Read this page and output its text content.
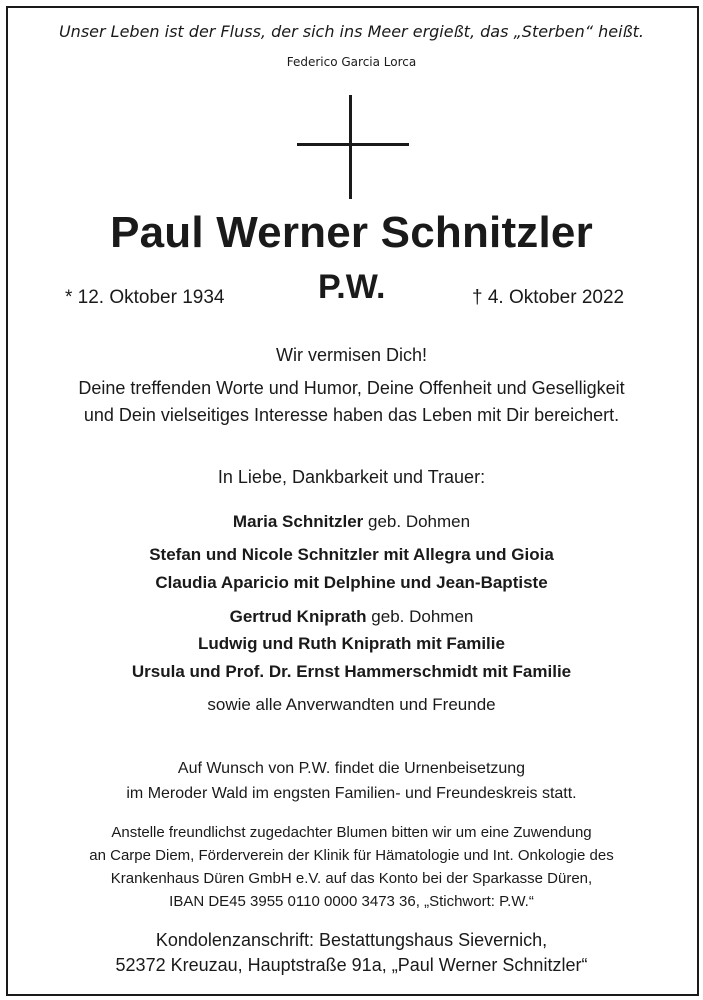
Unser Leben ist der Fluss, der sich ins Meer ergießt, das „Sterben“ heißt.
Federico Garcia Lorca
Paul Werner Schnitzler
* 12. Oktober 1934	P.W.	† 4. Oktober 2022
Wir vermisen Dich!
Deine treffenden Worte und Humor, Deine Offenheit und Geselligkeit
und Dein vielseitiges Interesse haben das Leben mit Dir bereichert.
In Liebe, Dankbarkeit und Trauer:
Maria Schnitzler geb. Dohmen
Stefan und Nicole Schnitzler mit Allegra und Gioia
Claudia Aparicio mit Delphine und Jean-Baptiste
Gertrud Kniprath geb. Dohmen
Ludwig und Ruth Kniprath mit Familie
Ursula und Prof. Dr. Ernst Hammerschmidt mit Familie
sowie alle Anverwandten und Freunde
Auf Wunsch von P.W. findet die Urnenbeisetzung
im Meroder Wald im engsten Familien- und Freundeskreis statt.
Anstelle freundlichst zugedachter Blumen bitten wir um eine Zuwendung
an Carpe Diem, Förderverein der Klinik für Hämatologie und Int. Onkologie des
Krankenhaus Düren GmbH e.V. auf das Konto bei der Sparkasse Düren,
IBAN DE45 3955 0110 0000 3473 36, „Stichwort: P.W.“
Kondolenzanschrift: Bestattungshaus Sievernich,
52372 Kreuzau, Hauptstraße 91a, „Paul Werner Schnitzler“
